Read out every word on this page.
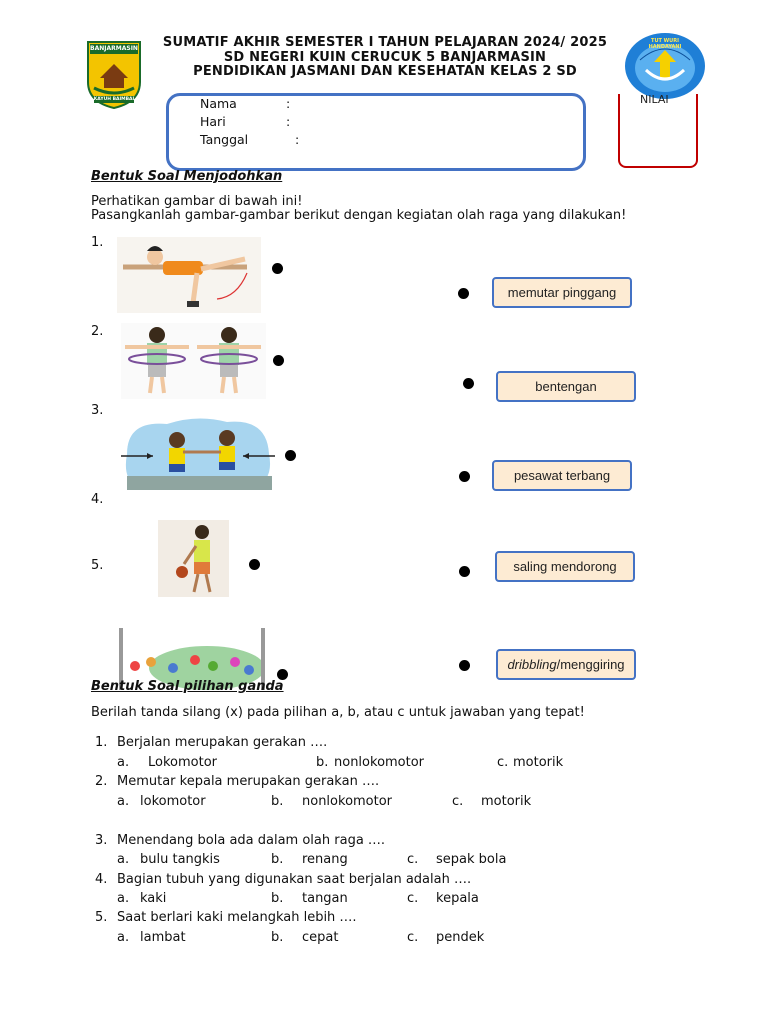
BANJARMASIN
KAYUH BAIMBAI
SUMATIF AKHIR SEMESTER I TAHUN PELAJARAN 2024/ 2025
SD NEGERI KUIN CERUCUK 5 BANJARMASIN
PENDIDIKAN JASMANI DAN KESEHATAN KELAS 2 SD
TUT WURI HANDAYANI
Nama	:
Hari	:
Tanggal	:
NILAI
Bentuk Soal Menjodohkan
Perhatikan gambar di bawah ini!
Pasangkanlah gambar-gambar berikut dengan kegiatan olah raga yang dilakukan!
1.
2.
3.
4.
5.
memutar pinggang
bentengan
pesawat terbang
saling mendorong
dribbling / menggiring
Bentuk Soal pilihan ganda
Berilah tanda silang (x) pada pilihan a, b, atau c untuk jawaban yang tepat!
1. Berjalan merupakan gerakan ….
a. Lokomotor	b. nonlokomotor	c. motorik
2. Memutar kepala merupakan gerakan ….
a. lokomotor	b. nonlokomotor	c. motorik
3. Menendang bola ada dalam olah raga ….
a. bulu tangkis	b. renang	c. sepak bola
4. Bagian tubuh yang digunakan saat berjalan adalah ….
a. kaki	b. tangan	c. kepala
5. Saat berlari kaki melangkah lebih ….
a. lambat	b. cepat	c. pendek
